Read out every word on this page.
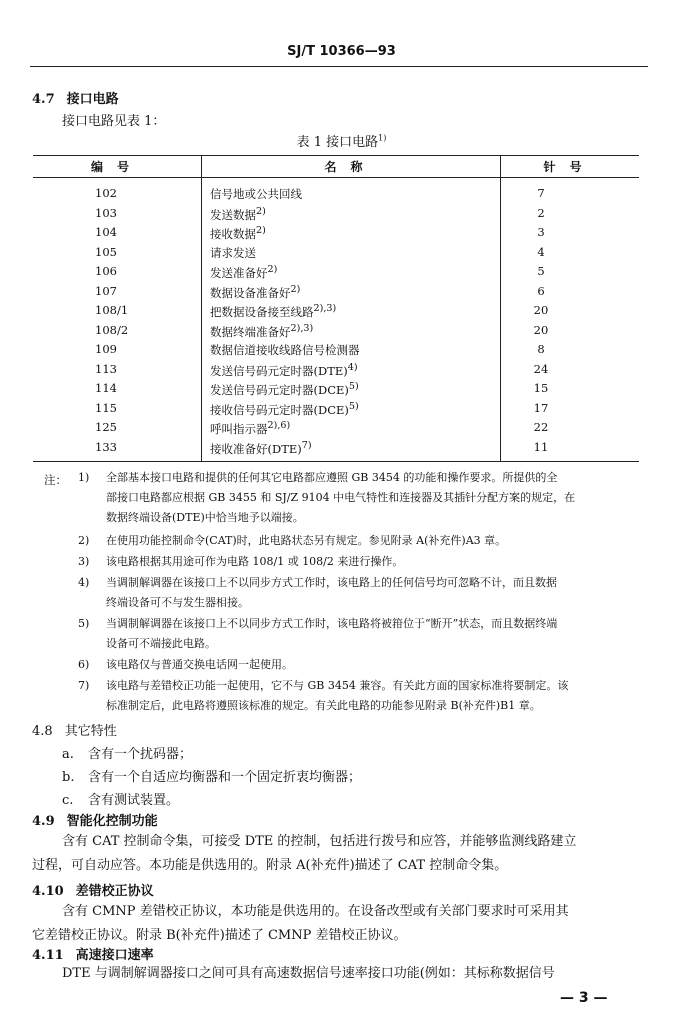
SJ/T 10366—93
4.7 接口电路
接口电路见表 1：
表 1 接口电路$^{1)}$
编号	名称	针号
102	信号地或公共回线	7
103	发送数据$^{2)}$	2
104	接收数据$^{2)}$	3
105	请求发送	4
106	发送准备好$^{2)}$	5
107	数据设备准备好$^{2)}$	6
108/1	把数据设备接至线路$^{2),3)}$	20
108/2	数据终端准备好$^{2),3)}$	20
109	数据信道接收线路信号检测器	8
113	发送信号码元定时器(DTE)$^{4)}$	24
114	发送信号码元定时器(DCE)$^{5)}$	15
115	接收信号码元定时器(DCE)$^{5)}$	17
125	呼叫指示器$^{2),6)}$	22
133	接收准备好(DTE)$^{7)}$	11
注： 1)	全部基本接口电路和提供的任何其它电路都应遵照 GB 3454 的功能和操作要求。所提供的全
部接口电路都应根据 GB 3455 和 SJ/Z 9104 中电气特性和连接器及其插针分配方案的规定，在
数据终端设备(DTE)中恰当地予以端接。
2)	在使用功能控制命令(CAT)时，此电路状态另有规定。参见附录 A(补充件)A3 章。
3)	该电路根据其用途可作为电路 108/1 或 108/2 来进行操作。
4)	当调制解调器在该接口上不以同步方式工作时，该电路上的任何信号均可忽略不计，而且数据
终端设备可不与发生器相接。
5)	当调制解调器在该接口上不以同步方式工作时，该电路将被箝位于“断开”状态，而且数据终端
设备可不端接此电路。
6)	该电路仅与普通交换电话网一起使用。
7)	该电路与差错校正功能一起使用，它不与 GB 3454 兼容。有关此方面的国家标准将要制定。该
标准制定后，此电路将遵照该标准的规定。有关此电路的功能参见附录 B(补充件)B1 章。
4.8 其它特性
a. 含有一个扰码器；
b. 含有一个自适应均衡器和一个固定折衷均衡器；
c. 含有测试装置。
4.9 智能化控制功能
含有 CAT 控制命令集，可接受 DTE 的控制，包括进行拨号和应答，并能够监测线路建立
过程，可自动应答。本功能是供选用的。附录 A(补充件)描述了 CAT 控制命令集。
4.10 差错校正协议
含有 CMNP 差错校正协议，本功能是供选用的。在设备改型或有关部门要求时可采用其
它差错校正协议。附录 B(补充件)描述了 CMNP 差错校正协议。
4.11 高速接口速率
DTE 与调制解调器接口之间可具有高速数据信号速率接口功能(例如：其标称数据信号
— 3 —
